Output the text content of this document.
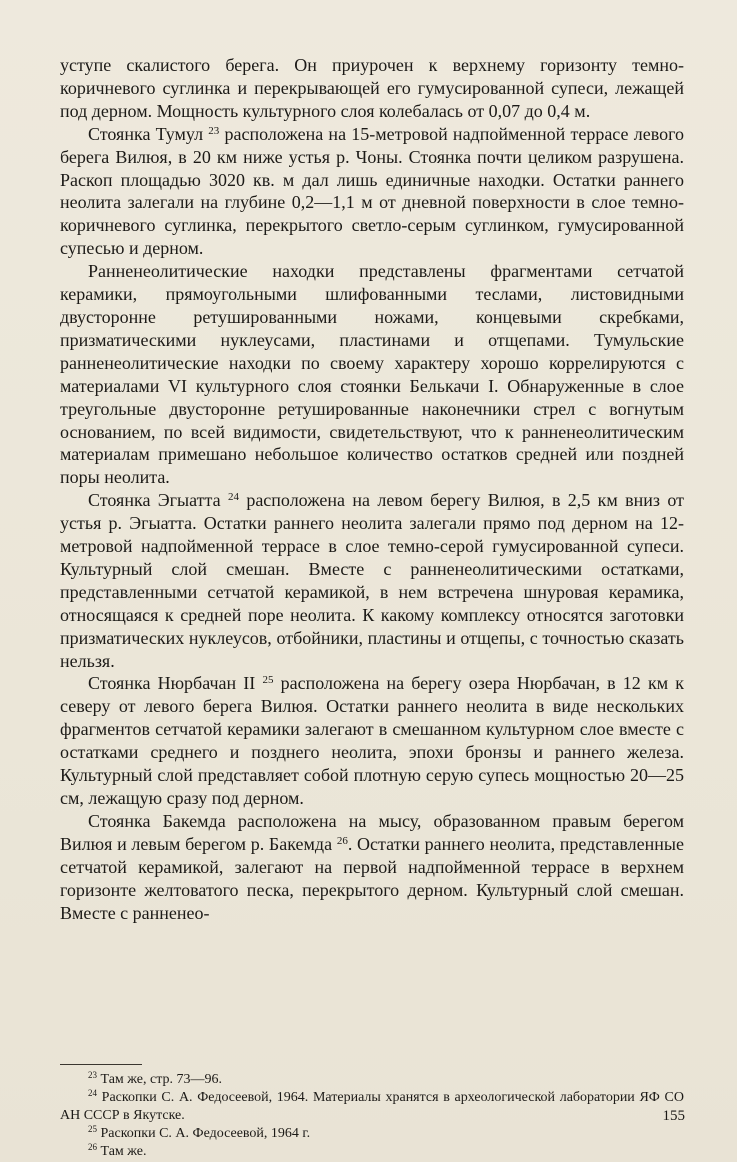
уступе скалистого берега. Он приурочен к верхнему горизонту темно-коричневого суглинка и перекрывающей его гумусированной супеси, лежащей под дерном. Мощность культурного слоя колебалась от 0,07 до 0,4 м.

Стоянка Тумул $^{23}$ расположена на 15-метровой надпойменной террасе левого берега Вилюя, в 20 км ниже устья р. Чоны. Стоянка почти целиком разрушена. Раскоп площадью 3020 кв. м дал лишь единичные находки. Остатки раннего неолита залегали на глубине 0,2—1,1 м от дневной поверхности в слое темно-коричневого суглинка, перекрытого светло-серым суглинком, гумусированной супесью и дерном.

Ранненеолитические находки представлены фрагментами сетчатой керамики, прямоугольными шлифованными теслами, листовидными двусторонне ретушированными ножами, концевыми скребками, призматическими нуклеусами, пластинами и отщепами. Тумульские ранненеолитические находки по своему характеру хорошо коррелируются с материалами VI культурного слоя стоянки Белькачи I. Обнаруженные в слое треугольные двусторонне ретушированные наконечники стрел с вогнутым основанием, по всей видимости, свидетельствуют, что к ранненеолитическим материалам примешано небольшое количество остатков средней или поздней поры неолита.

Стоянка Эгыатта $^{24}$ расположена на левом берегу Вилюя, в 2,5 км вниз от устья р. Эгыатта. Остатки раннего неолита залегали прямо под дерном на 12-метровой надпойменной террасе в слое темно-серой гумусированной супеси. Культурный слой смешан. Вместе с ранненеолитическими остатками, представленными сетчатой керамикой, в нем встречена шнуровая керамика, относящаяся к средней поре неолита. К какому комплексу относятся заготовки призматических нуклеусов, отбойники, пластины и отщепы, с точностью сказать нельзя.

Стоянка Нюрбачан II $^{25}$ расположена на берегу озера Нюрбачан, в 12 км к северу от левого берега Вилюя. Остатки раннего неолита в виде нескольких фрагментов сетчатой керамики залегают в смешанном культурном слое вместе с остатками среднего и позднего неолита, эпохи бронзы и раннего железа. Культурный слой представляет собой плотную серую супесь мощностью 20—25 см, лежащую сразу под дерном.

Стоянка Бакемда расположена на мысу, образованном правым берегом Вилюя и левым берегом р. Бакемда $^{26}$. Остатки раннего неолита, представленные сетчатой керамикой, залегают на первой надпойменной террасе в верхнем горизонте желтоватого песка, перекрытого дерном. Культурный слой смешан. Вместе с ранненео-

$^{23}$ Там же, стр. 73—96.

$^{24}$ Раскопки С. А. Федосеевой, 1964. Материалы хранятся в археологической лаборатории ЯФ СО АН СССР в Якутске.

$^{25}$ Раскопки С. А. Федосеевой, 1964 г.

$^{26}$ Там же.

155
